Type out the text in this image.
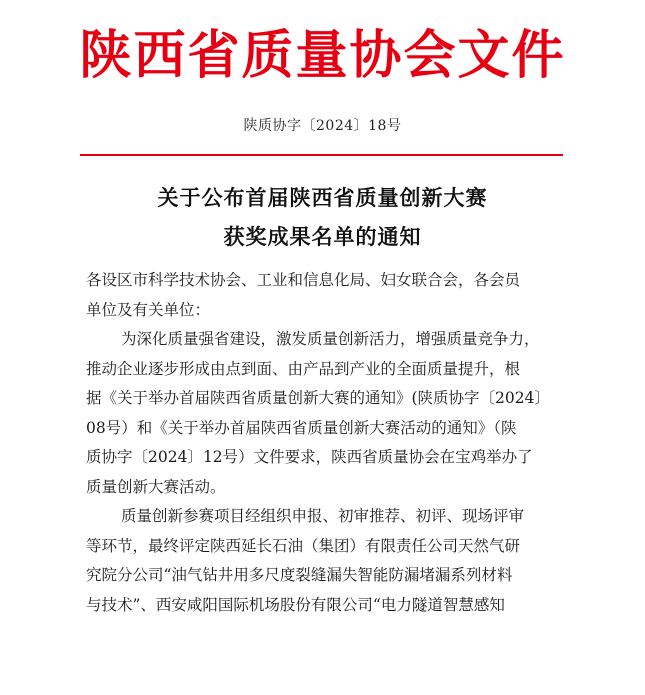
陕西省质量协会文件
陕质协字〔2024〕18号
关于公布首届陕西省质量创新大赛
获奖成果名单的通知

各设区市科学技术协会、工业和信息化局、妇女联合会，各会员
单位及有关单位：

为深化质量强省建设，激发质量创新活力，增强质量竞争力，
推动企业逐步形成由点到面、由产品到产业的全面质量提升，根
据《关于举办首届陕西省质量创新大赛的通知》(陕质协字〔2024〕
08号）和《关于举办首届陕西省质量创新大赛活动的通知》（陕
质协字〔2024〕12号）文件要求，陕西省质量协会在宝鸡举办了
质量创新大赛活动。

质量创新参赛项目经组织申报、初审推荐、初评、现场评审
等环节，最终评定陕西延长石油（集团）有限责任公司天然气研
究院分公司“油气钻井用多尺度裂缝漏失智能防漏堵漏系列材料
与技术”、西安咸阳国际机场股份有限公司“电力隧道智慧感知
